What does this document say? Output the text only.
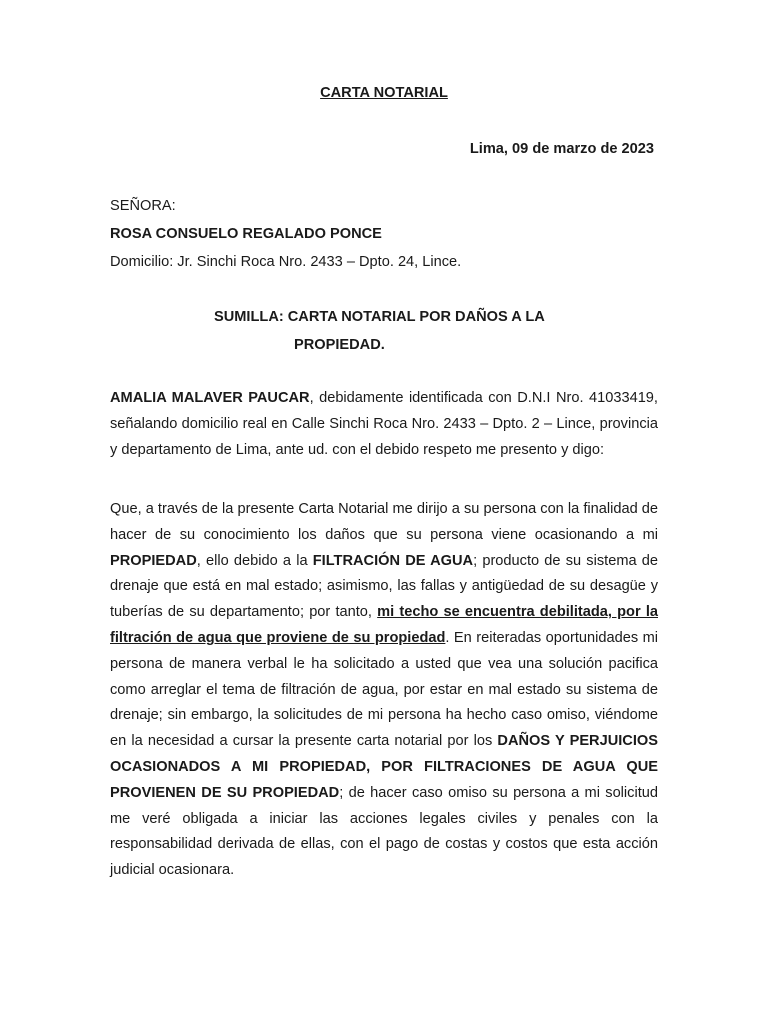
CARTA NOTARIAL

Lima, 09 de marzo de 2023

SEÑORA:
ROSA CONSUELO REGALADO PONCE
Domicilio: Jr. Sinchi Roca Nro. 2433 – Dpto. 24, Lince.
SUMILLA: CARTA NOTARIAL POR DAÑOS A LA
PROPIEDAD.

AMALIA MALAVER PAUCAR, debidamente identificada con D.N.I Nro. 41033419, señalando domicilio real en Calle Sinchi Roca Nro. 2433 – Dpto. 2 – Lince, provincia y departamento de Lima, ante ud. con el debido respeto me presento y digo:

Que, a través de la presente Carta Notarial me dirijo a su persona con la finalidad de hacer de su conocimiento los daños que su persona viene ocasionando a mi PROPIEDAD, ello debido a la FILTRACIÓN DE AGUA; producto de su sistema de drenaje que está en mal estado; asimismo, las fallas y antigüedad de su desagüe y tuberías de su departamento; por tanto, mi techo se encuentra debilitada, por la filtración de agua que proviene de su propiedad. En reiteradas oportunidades mi persona de manera verbal le ha solicitado a usted que vea una solución pacifica como arreglar el tema de filtración de agua, por estar en mal estado su sistema de drenaje; sin embargo, la solicitudes de mi persona ha hecho caso omiso, viéndome en la necesidad a cursar la presente carta notarial por los DAÑOS Y PERJUICIOS OCASIONADOS A MI PROPIEDAD, POR FILTRACIONES DE AGUA QUE PROVIENEN DE SU PROPIEDAD; de hacer caso omiso su persona a mi solicitud me veré obligada a iniciar las acciones legales civiles y penales con la responsabilidad derivada de ellas, con el pago de costas y costos que esta acción judicial ocasionara.
